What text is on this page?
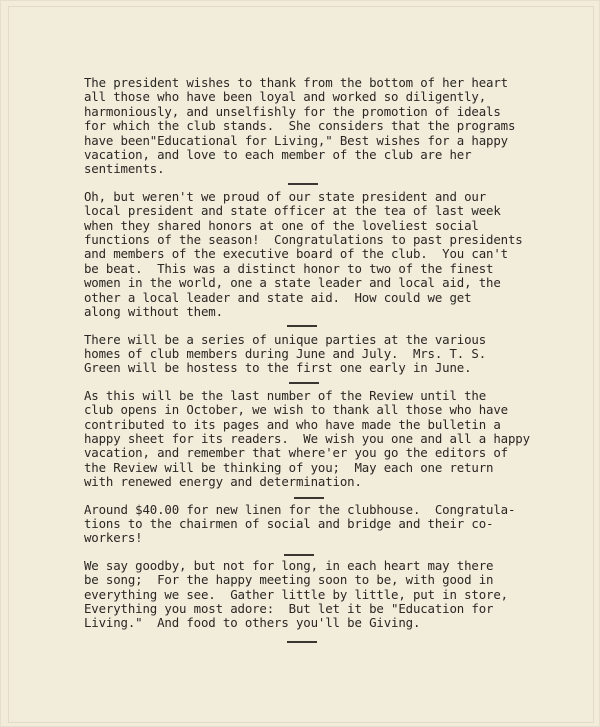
The president wishes to thank from the bottom of her heart
all those who have been loyal and worked so diligently,
harmoniously, and unselfishly for the promotion of ideals
for which the club stands.  She considers that the programs
have been"Educational for Living," Best wishes for a happy
vacation, and love to each member of the club are her
sentiments.

Oh, but weren't we proud of our state president and our
local president and state officer at the tea of last week
when they shared honors at one of the loveliest social
functions of the season!  Congratulations to past presidents
and members of the executive board of the club.  You can't
be beat.  This was a distinct honor to two of the finest
women in the world, one a state leader and local aid, the
other a local leader and state aid.  How could we get
along without them.

There will be a series of unique parties at the various
homes of club members during June and July.  Mrs. T. S.
Green will be hostess to the first one early in June.

As this will be the last number of the Review until the
club opens in October, we wish to thank all those who have
contributed to its pages and who have made the bulletin a
happy sheet for its readers.  We wish you one and all a happy
vacation, and remember that where'er you go the editors of
the Review will be thinking of you;  May each one return
with renewed energy and determination.

Around $40.00 for new linen for the clubhouse.  Congratula-
tions to the chairmen of social and bridge and their co-
workers!

We say goodby, but not for long, in each heart may there
be song;  For the happy meeting soon to be, with good in
everything we see.  Gather little by little, put in store,
Everything you most adore:  But let it be "Education for
Living."  And food to others you'll be Giving.
